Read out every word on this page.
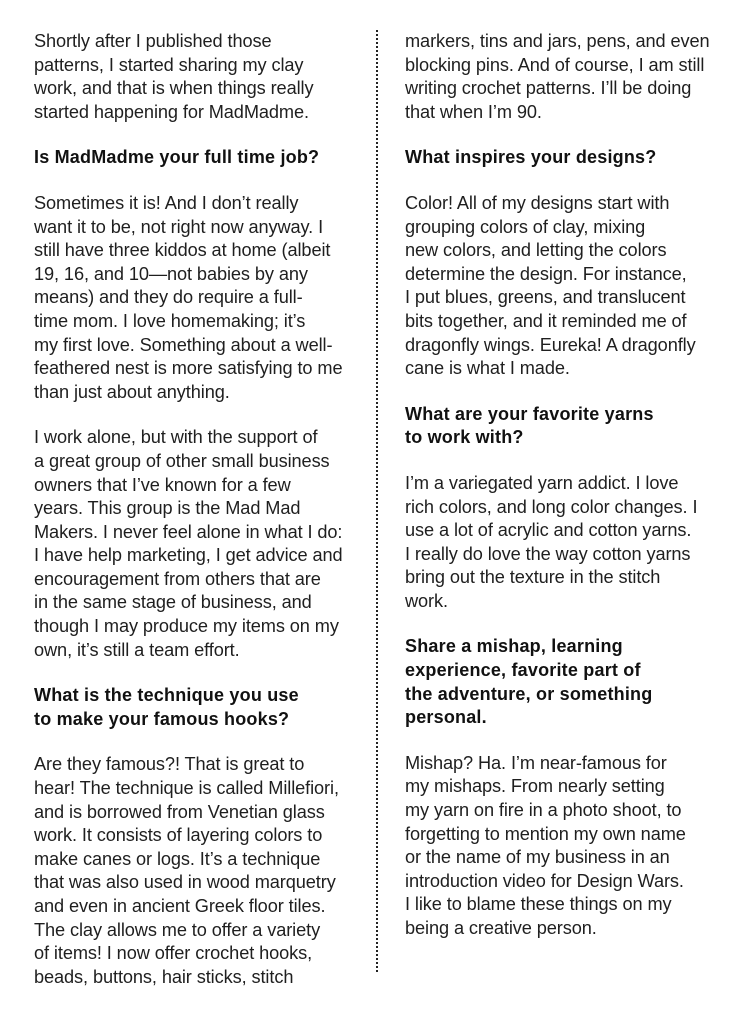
Shortly after I published those
patterns, I started sharing my clay
work, and that is when things really
started happening for MadMadme.

Is MadMadme your full time job?

Sometimes it is! And I don’t really
want it to be, not right now anyway. I
still have three kiddos at home (albeit
19, 16, and 10—not babies by any
means) and they do require a full-
time mom. I love homemaking; it’s
my first love. Something about a well-
feathered nest is more satisfying to me
than just about anything.

I work alone, but with the support of
a great group of other small business
owners that I’ve known for a few
years. This group is the Mad Mad
Makers. I never feel alone in what I do:
I have help marketing, I get advice and
encouragement from others that are
in the same stage of business, and
though I may produce my items on my
own, it’s still a team effort.

What is the technique you use
to make your famous hooks?

Are they famous?! That is great to
hear! The technique is called Millefiori,
and is borrowed from Venetian glass
work. It consists of layering colors to
make canes or logs. It’s a technique
that was also used in wood marquetry
and even in ancient Greek floor tiles.
The clay allows me to offer a variety
of items! I now offer crochet hooks,
beads, buttons, hair sticks, stitch

markers, tins and jars, pens, and even
blocking pins. And of course, I am still
writing crochet patterns. I’ll be doing
that when I’m 90.

What inspires your designs?

Color! All of my designs start with
grouping colors of clay, mixing
new colors, and letting the colors
determine the design. For instance,
I put blues, greens, and translucent
bits together, and it reminded me of
dragonfly wings. Eureka! A dragonfly
cane is what I made.

What are your favorite yarns
to work with?

I’m a variegated yarn addict. I love
rich colors, and long color changes. I
use a lot of acrylic and cotton yarns.
I really do love the way cotton yarns
bring out the texture in the stitch
work.

Share a mishap, learning
experience, favorite part of
the adventure, or something
personal.

Mishap? Ha. I’m near-famous for
my mishaps. From nearly setting
my yarn on fire in a photo shoot, to
forgetting to mention my own name
or the name of my business in an
introduction video for Design Wars.
I like to blame these things on my
being a creative person.
